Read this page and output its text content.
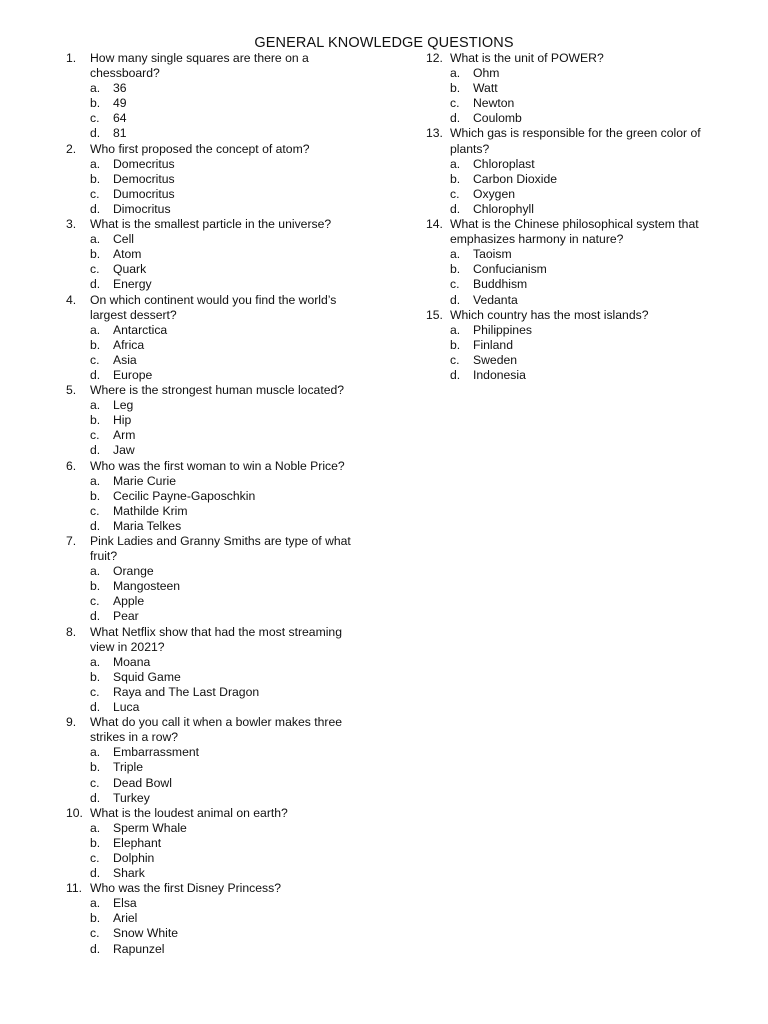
GENERAL KNOWLEDGE QUESTIONS
1.	How many single squares are there on a chessboard?
a.	36
b.	49
c.	64
d.	81
2.	Who first proposed the concept of atom?
a.	Domecritus
b.	Democritus
c.	Dumocritus
d.	Dimocritus
3.	What is the smallest particle in the universe?
a.	Cell
b.	Atom
c.	Quark
d.	Energy
4.	On which continent would you find the world’s largest dessert?
a.	Antarctica
b.	Africa
c.	Asia
d.	Europe
5.	Where is the strongest human muscle located?
a.	Leg
b.	Hip
c.	Arm
d.	Jaw
6.	Who was the first woman to win a Noble Price?
a.	Marie Curie
b.	Cecilic Payne-Gaposchkin
c.	Mathilde Krim
d.	Maria Telkes
7.	Pink Ladies and Granny Smiths are type of what fruit?
a.	Orange
b.	Mangosteen
c.	Apple
d.	Pear
8.	What Netflix show that had the most streaming view in 2021?
a.	Moana
b.	Squid Game
c.	Raya and The Last Dragon
d.	Luca
9.	What do you call it when a bowler makes three strikes in a row?
a.	Embarrassment
b.	Triple
c.	Dead Bowl
d.	Turkey
10. What is the loudest animal on earth?
a.	Sperm Whale
b.	Elephant
c.	Dolphin
d.	Shark
11. Who was the first Disney Princess?
a.	Elsa
b.	Ariel
c.	Snow White
d.	Rapunzel
12. What is the unit of POWER?
a.	Ohm
b.	Watt
c.	Newton
d.	Coulomb
13. Which gas is responsible for the green color of plants?
a.	Chloroplast
b.	Carbon Dioxide
c.	Oxygen
d.	Chlorophyll
14. What is the Chinese philosophical system that emphasizes harmony in nature?
a.	Taoism
b.	Confucianism
c.	Buddhism
d.	Vedanta
15. Which country has the most islands?
a.	Philippines
b.	Finland
c.	Sweden
d.	Indonesia
